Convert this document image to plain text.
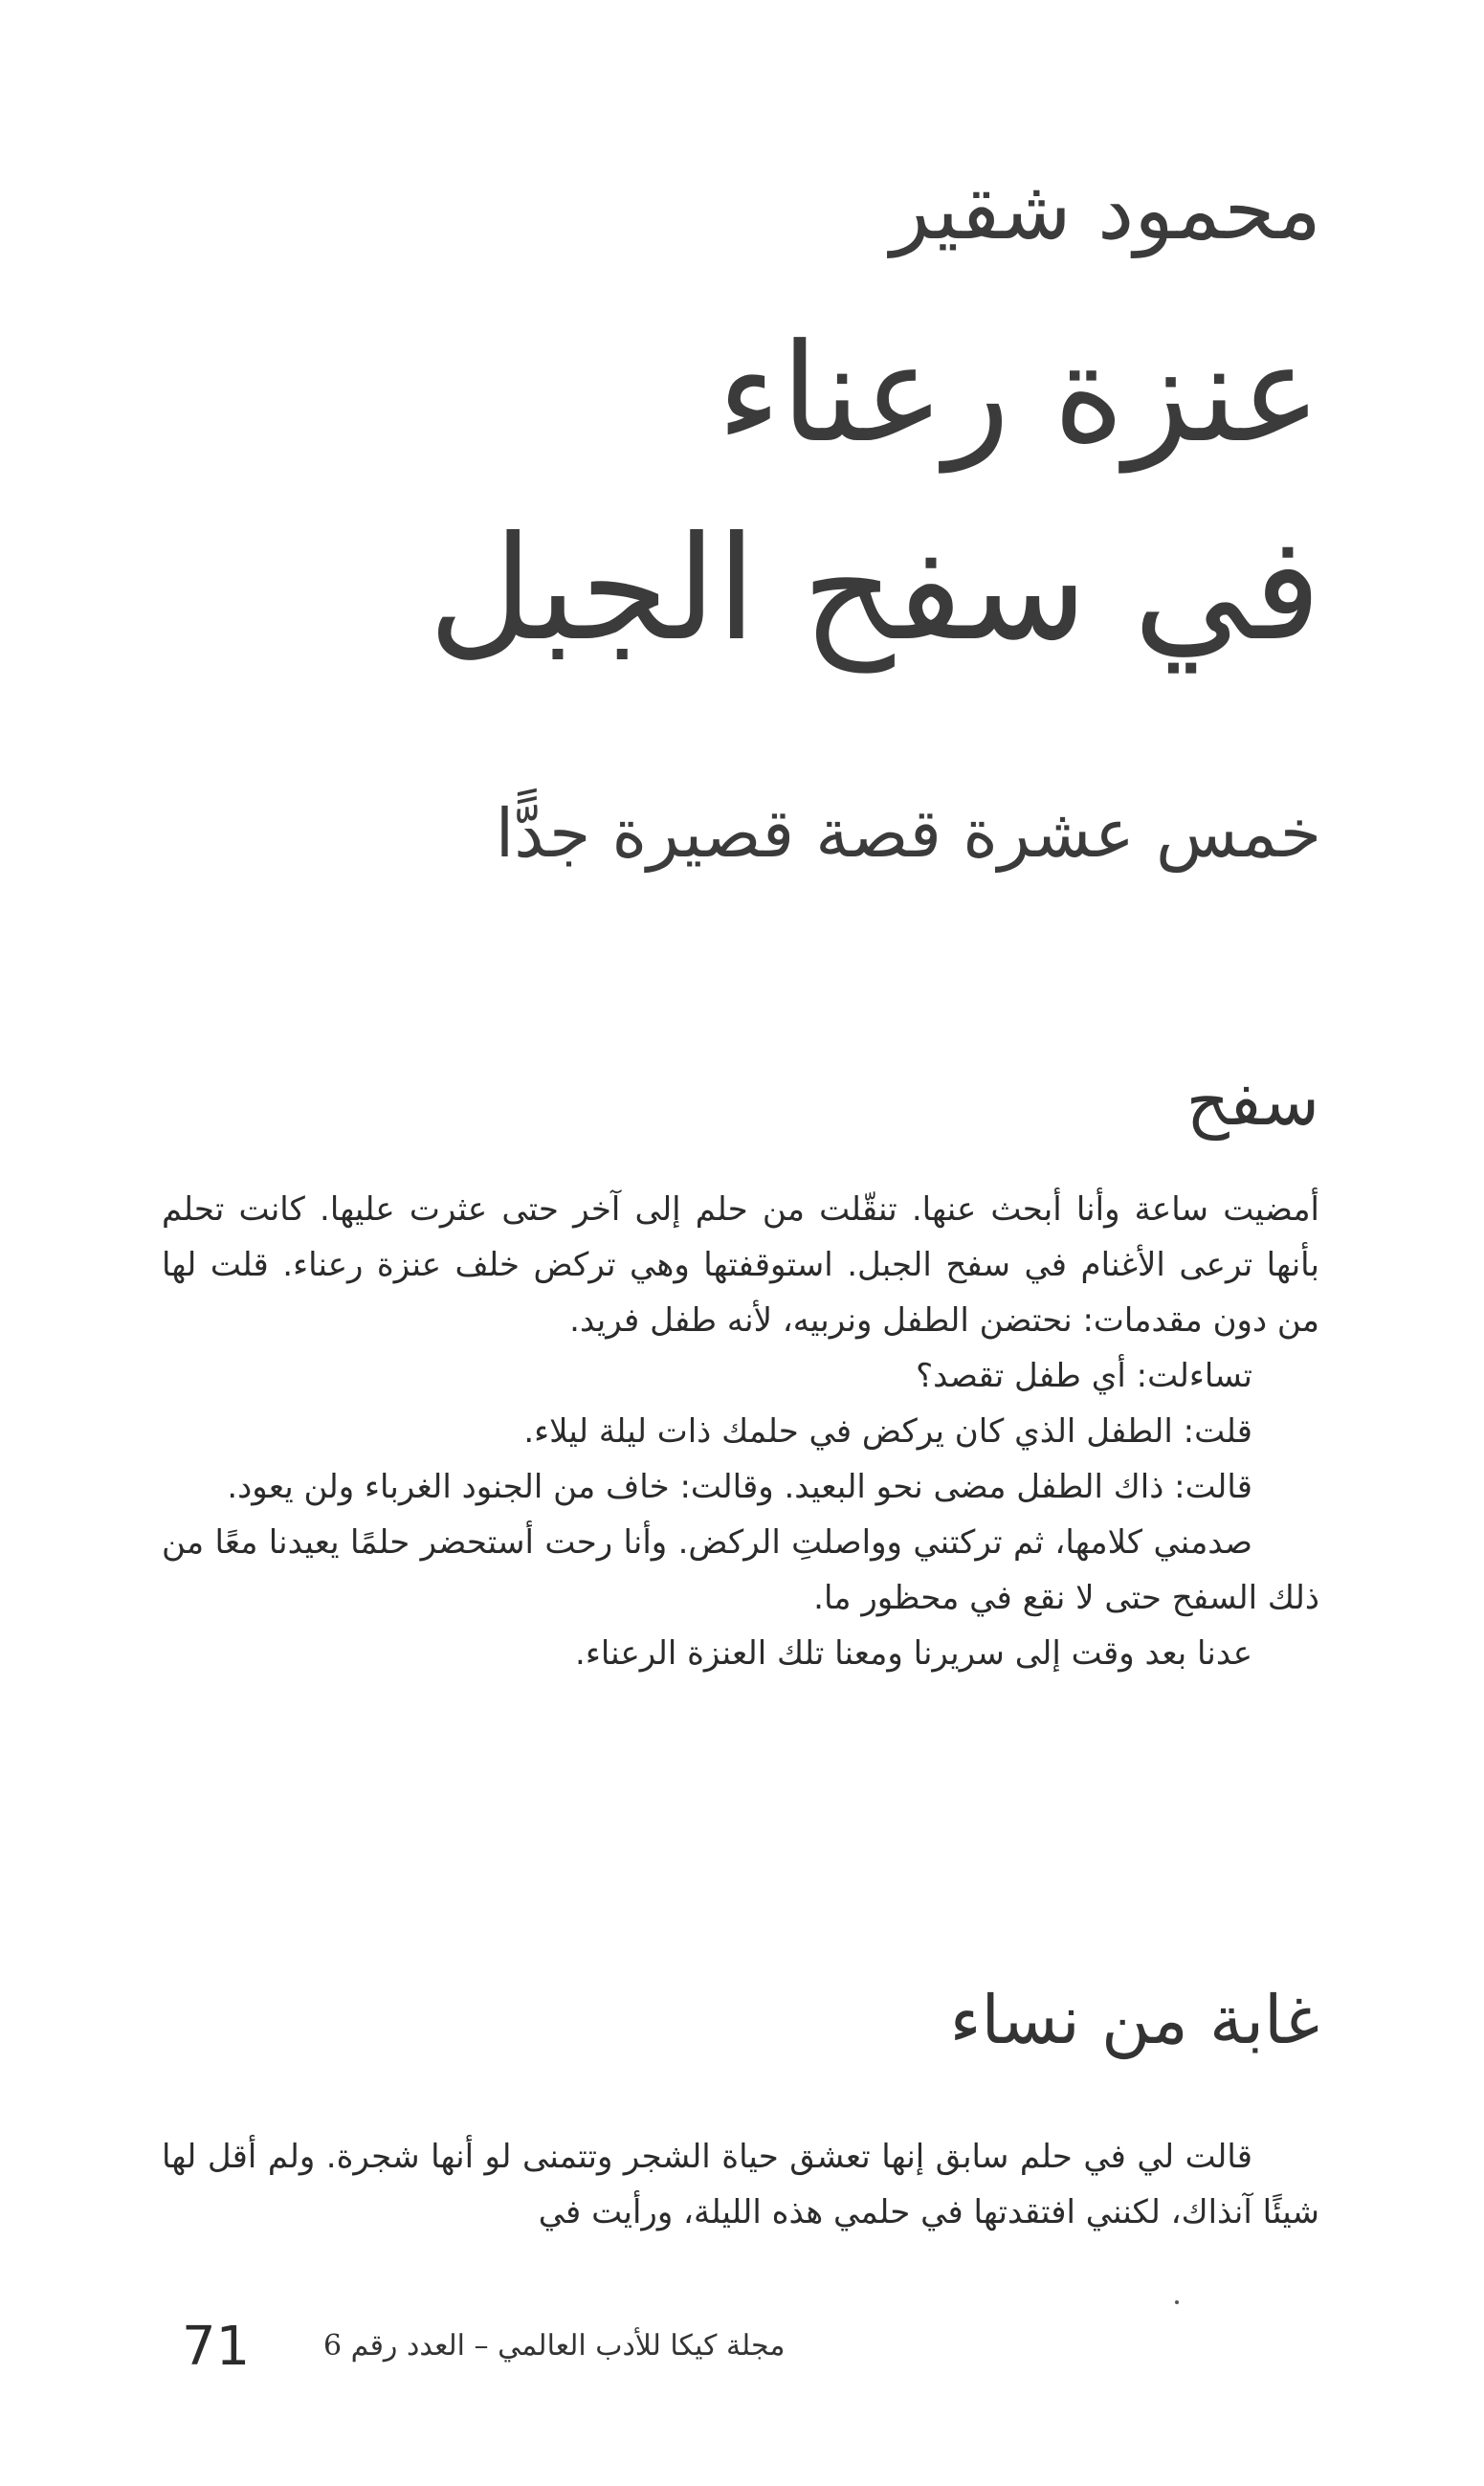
محمود شقير
عنزة رعناء
في سفح الجبل
خمس عشرة قصة قصيرة جدًّا
سفح

أمضيت ساعة وأنا أبحث عنها. تنقّلت من حلم إلى آخر حتى عثرت عليها. كانت تحلم بأنها ترعى الأغنام في سفح الجبل. استوقفتها وهي تركض خلف عنزة رعناء. قلت لها من دون مقدمات: نحتضن الطفل ونربيه، لأنه طفل فريد.

تساءلت: أي طفل تقصد؟

قلت: الطفل الذي كان يركض في حلمك ذات ليلة ليلاء.

قالت: ذاك الطفل مضى نحو البعيد. وقالت: خاف من الجنود الغرباء ولن يعود.

صدمني كلامها، ثم تركتني وواصلتِ الركض. وأنا رحت أستحضر حلمًا يعيدنا معًا من ذلك السفح حتى لا نقع في محظور ما.

عدنا بعد وقت إلى سريرنا ومعنا تلك العنزة الرعناء.

غابة من نساء

قالت لي في حلم سابق إنها تعشق حياة الشجر وتتمنى لو أنها شجرة. ولم أقل لها شيئًا آنذاك، لكنني افتقدتها في حلمي هذه الليلة، ورأيت في

71	مجلة كيكا للأدب العالمي – العدد رقم 6
